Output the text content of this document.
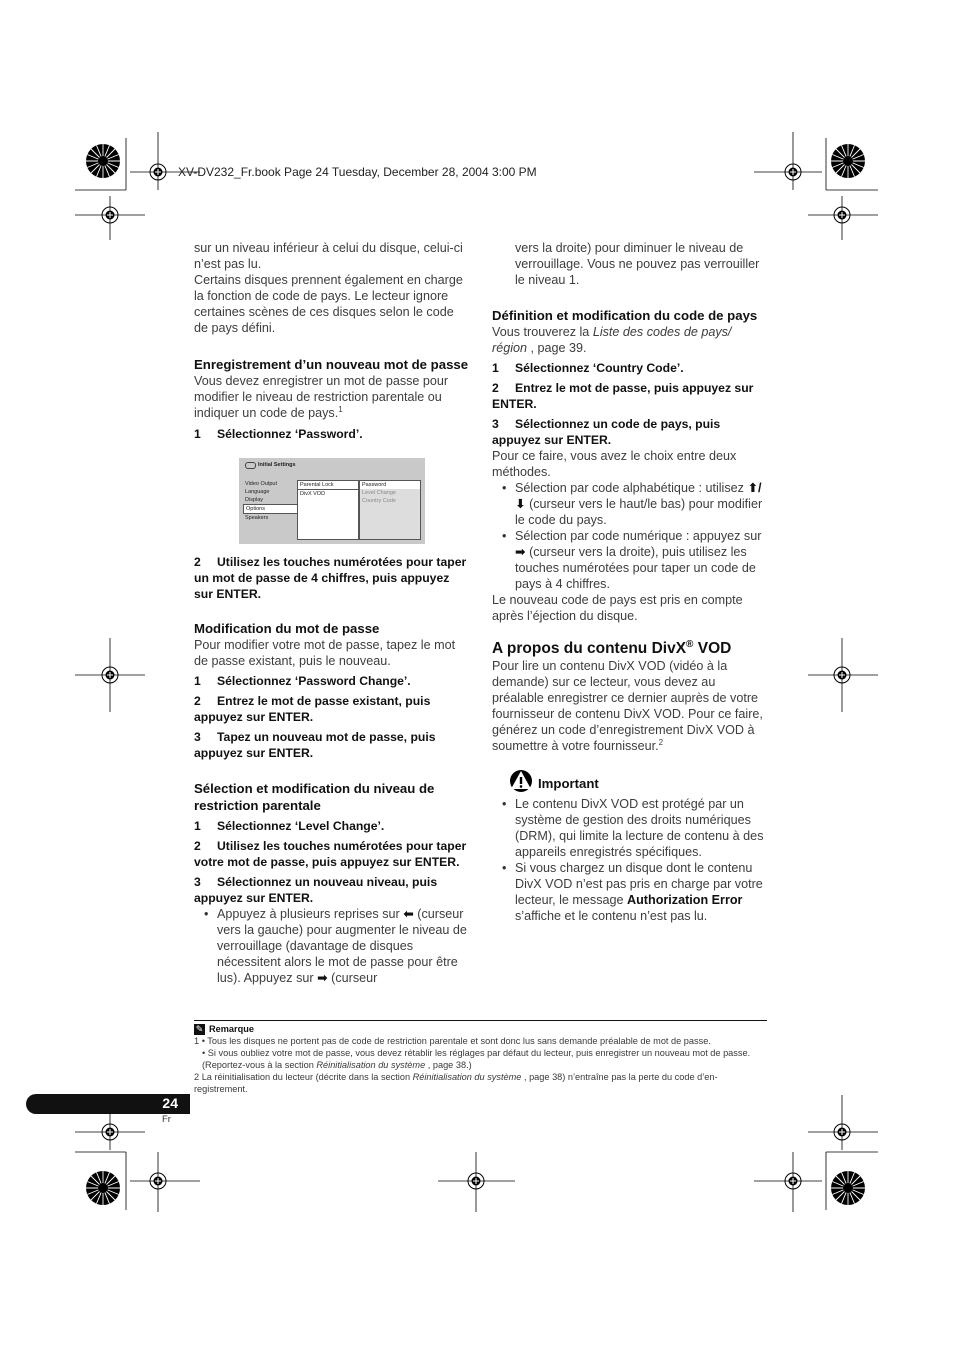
XV-DV232_Fr.book Page 24 Tuesday, December 28, 2004 3:00 PM

sur un niveau inférieur à celui du disque, celui-ci n’est pas lu.

Certains disques prennent également en charge la fonction de code de pays. Le lecteur ignore certaines scènes de ces disques selon le code de pays défini.

Enregistrement d’un nouveau mot de passe

Vous devez enregistrer un mot de passe pour modifier le niveau de restriction parentale ou indiquer un code de pays.$^1$

1 Sélectionnez ‘Password’.

Initial Settings
Video Output
Language
Display
Options
Speakers
Parental Lock
DivX VOD
Password
Level Change
Country Code

2 Utilisez les touches numérotées pour taper un mot de passe de 4 chiffres, puis appuyez sur ENTER.

Modification du mot de passe

Pour modifier votre mot de passe, tapez le mot de passe existant, puis le nouveau.

1 Sélectionnez ‘Password Change’.

2 Entrez le mot de passe existant, puis appuyez sur ENTER.

3 Tapez un nouveau mot de passe, puis appuyez sur ENTER.

Sélection et modification du niveau de restriction parentale

1 Sélectionnez ‘Level Change’.

2 Utilisez les touches numérotées pour taper votre mot de passe, puis appuyez sur ENTER.

3 Sélectionnez un nouveau niveau, puis appuyez sur ENTER.

• Appuyez à plusieurs reprises sur ⬅ (curseur vers la gauche) pour augmenter le niveau de verrouillage (davantage de disques nécessitent alors le mot de passe pour être lus). Appuyez sur ➡ (curseur

vers la droite) pour diminuer le niveau de verrouillage. Vous ne pouvez pas verrouiller le niveau 1.

Définition et modification du code de pays

Vous trouverez la Liste des codes de pays/ région , page 39.

1 Sélectionnez ‘Country Code’.

2 Entrez le mot de passe, puis appuyez sur ENTER.

3 Sélectionnez un code de pays, puis appuyez sur ENTER.

Pour ce faire, vous avez le choix entre deux méthodes.

• Sélection par code alphabétique : utilisez ⬆/⬇ (curseur vers le haut/le bas) pour modifier le code du pays.

• Sélection par code numérique : appuyez sur ➡ (curseur vers la droite), puis utilisez les touches numérotées pour taper un code de pays à 4 chiffres.

Le nouveau code de pays est pris en compte après l’éjection du disque.

A propos du contenu DivX® VOD

Pour lire un contenu DivX VOD (vidéo à la demande) sur ce lecteur, vous devez au préalable enregistrer ce dernier auprès de votre fournisseur de contenu DivX VOD. Pour ce faire, générez un code d’enregistrement DivX VOD à soumettre à votre fournisseur.$^2$

Important

• Le contenu DivX VOD est protégé par un système de gestion des droits numériques (DRM), qui limite la lecture de contenu à des appareils enregistrés spécifiques.

• Si vous chargez un disque dont le contenu DivX VOD n’est pas pris en charge par votre lecteur, le message Authorization Error s’affiche et le contenu n’est pas lu.

✎ Remarque
1 • Tous les disques ne portent pas de code de restriction parentale et sont donc lus sans demande préalable de mot de passe.
• Si vous oubliez votre mot de passe, vous devez rétablir les réglages par défaut du lecteur, puis enregistrer un nouveau mot de passe. (Reportez-vous à la section Réinitialisation du système , page 38.)
2 La réinitialisation du lecteur (décrite dans la section Réinitialisation du système , page 38) n’entraîne pas la perte du code d’en-registrement.
24
Fr
